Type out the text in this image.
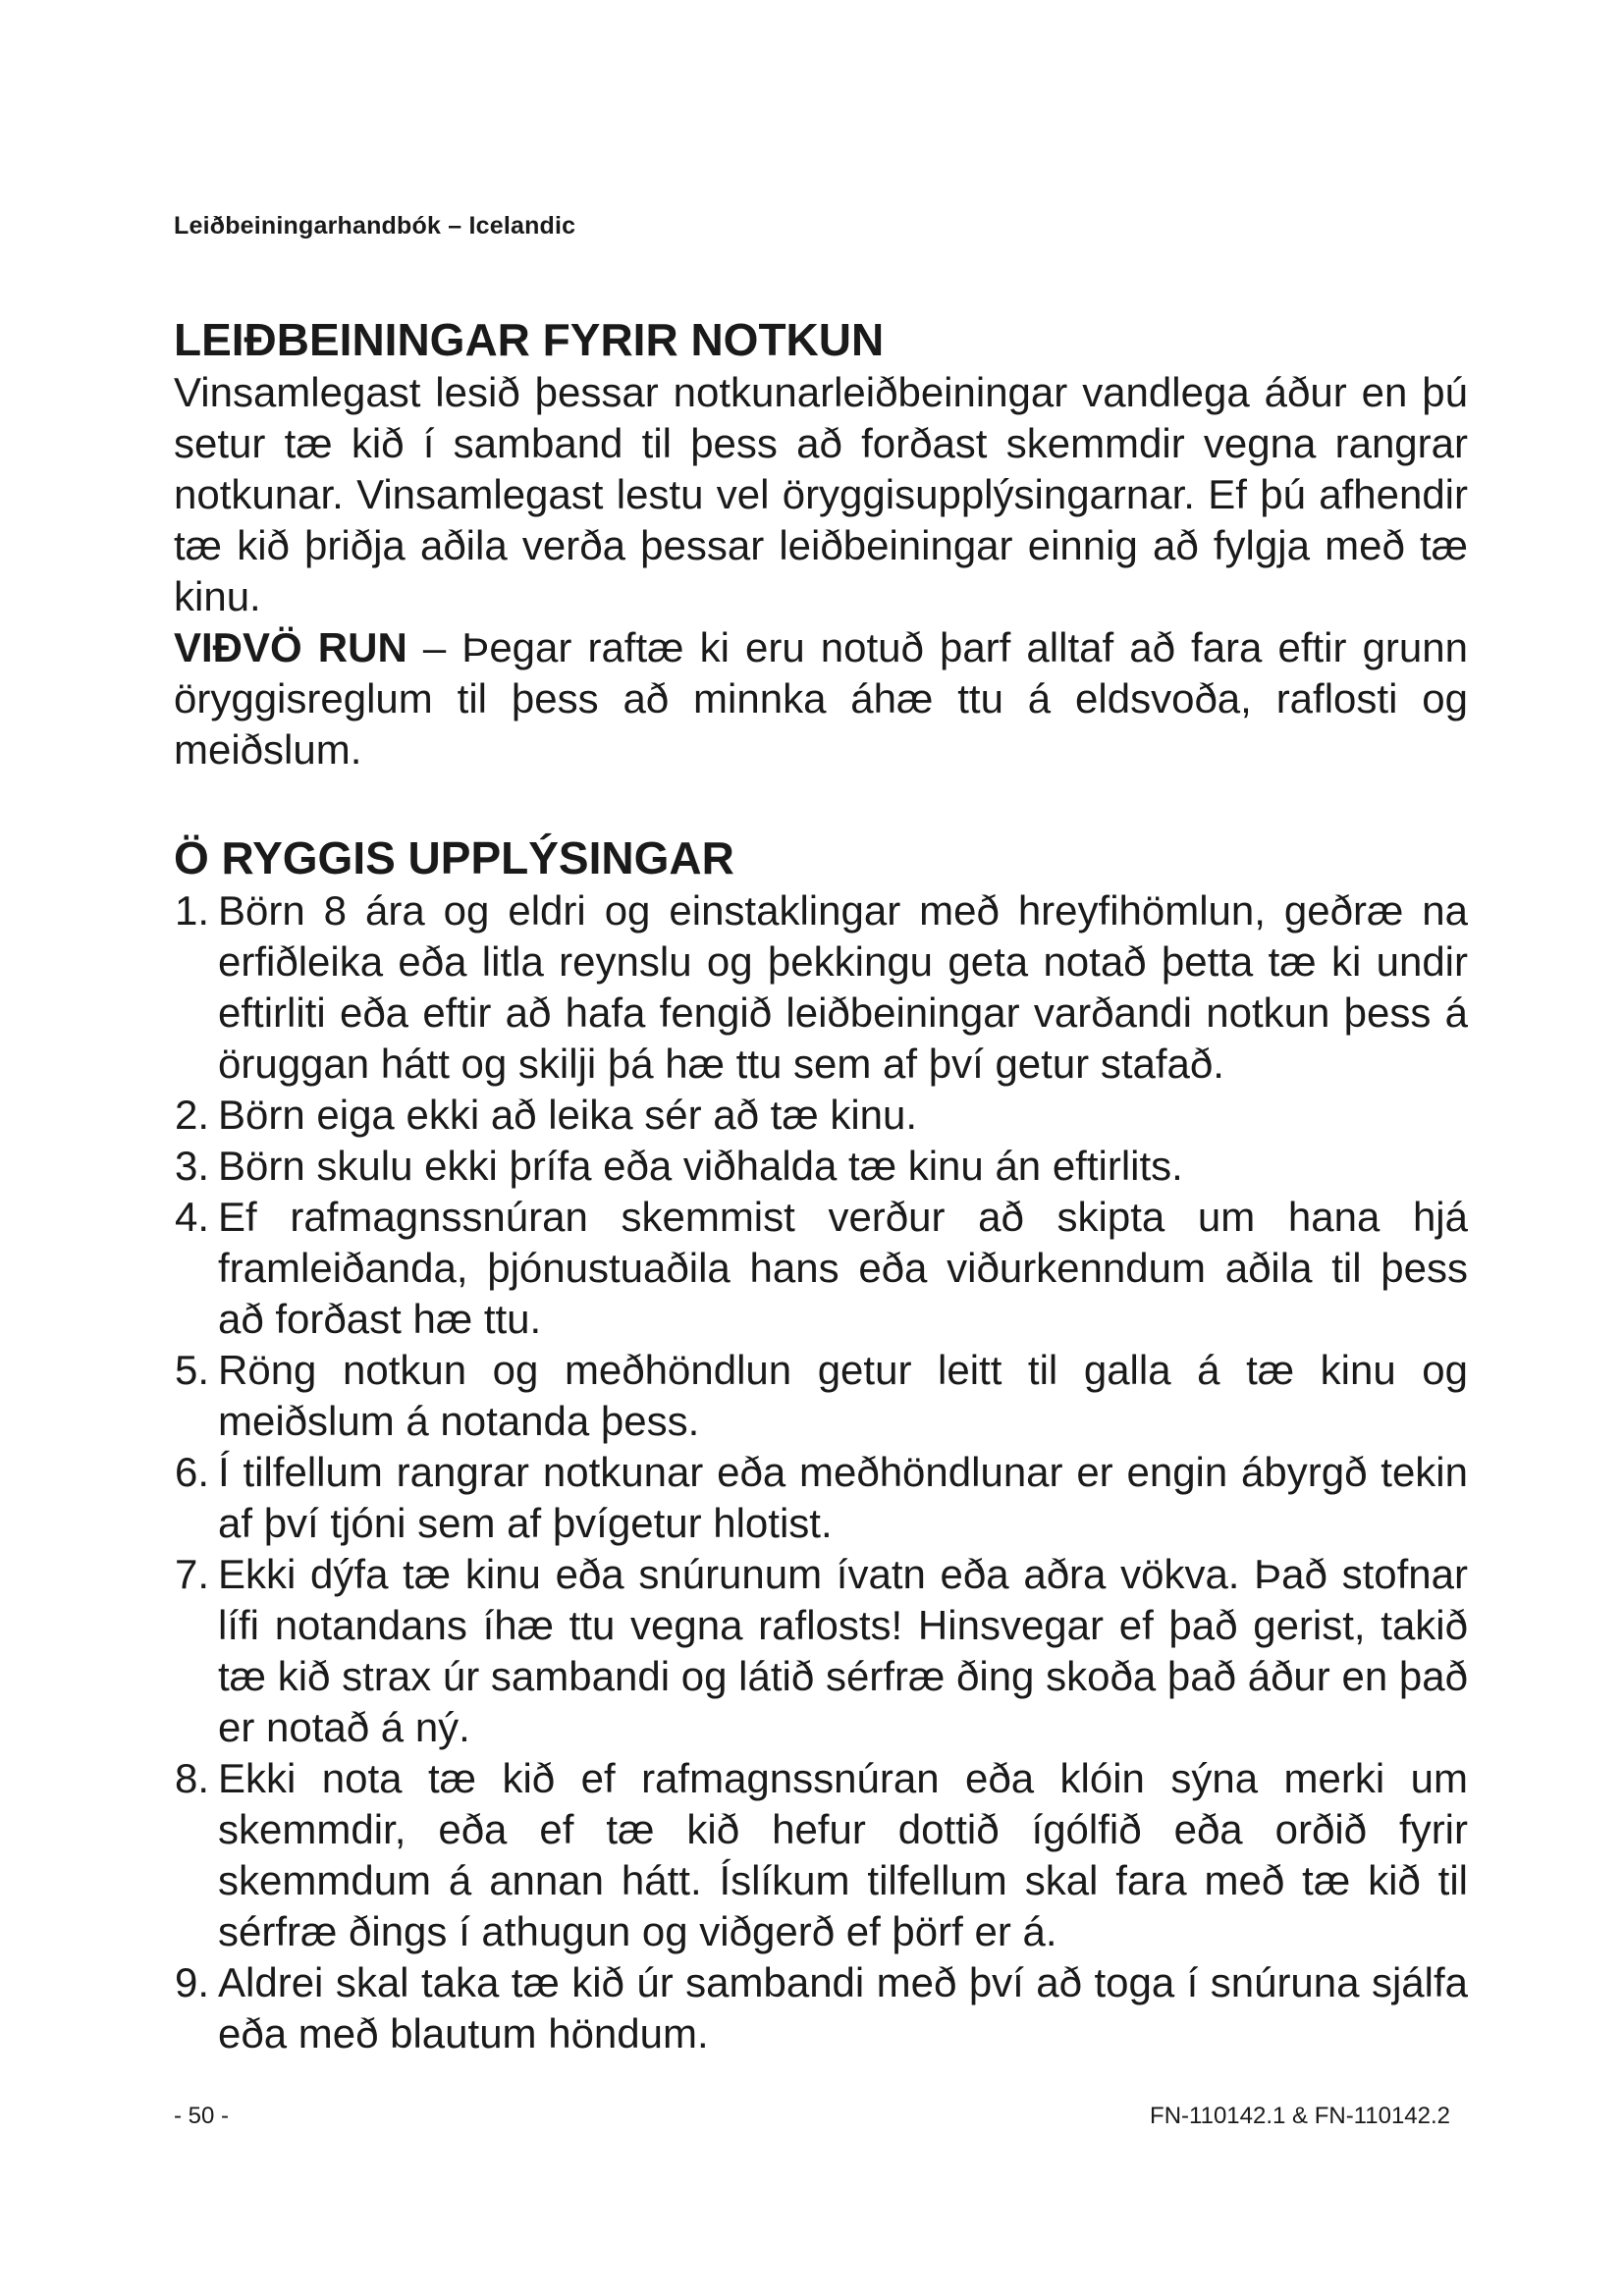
Leiðbeiningarhandbók – Icelandic
LEIÐBEININGAR FYRIR NOTKUN

Vinsamlegast lesið þessar notkunarleiðbeiningar vandlega áður en þú setur tæ kið í samband til þess að forðast skemmdir vegna rangrar notkunar. Vinsamlegast lestu vel öryggisupplýsingarnar. Ef þú afhendir tæ kið þriðja aðila verða þessar leiðbeiningar einnig að fylgja með tæ kinu.

VIÐVÖ RUN – Þegar raftæ ki eru notuð þarf alltaf að fara eftir grunn öryggisreglum til þess að minnka áhæ ttu á eldsvoða, raflosti og meiðslum.

Ö RYGGIS UPPLÝSINGAR
1. Börn 8 ára og eldri og einstaklingar með hreyfihömlun, geðræ na erfiðleika eða litla reynslu og þekkingu geta notað þetta tæ ki undir eftirliti eða eftir að hafa fengið leiðbeiningar varðandi notkun þess á öruggan hátt og skilji þá hæ ttu sem af því getur stafað.
2. Börn eiga ekki að leika sér að tæ kinu.
3. Börn skulu ekki þrífa eða viðhalda tæ kinu án eftirlits.
4. Ef rafmagnssnúran skemmist verður að skipta um hana hjá framleiðanda, þjónustuaðila hans eða viðurkenndum aðila til þess að forðast hæ ttu.
5. Röng notkun og meðhöndlun getur leitt til galla á tæ kinu og meiðslum á notanda þess.
6. Í tilfellum rangrar notkunar eða meðhöndlunar er engin ábyrgð tekin af því tjóni sem af þvígetur hlotist.
7. Ekki dýfa tæ kinu eða snúrunum ívatn eða aðra vökva. Það stofnar lífi notandans íhæ ttu vegna raflosts! Hinsvegar ef það gerist, takið tæ kið strax úr sambandi og látið sérfræ ðing skoða það áður en það er notað á ný.
8. Ekki nota tæ kið ef rafmagnssnúran eða klóin sýna merki um skemmdir, eða ef tæ kið hefur dottið ígólfið eða orðið fyrir skemmdum á annan hátt. Íslíkum tilfellum skal fara með tæ kið til sérfræ ðings í athugun og viðgerð ef þörf er á.
9. Aldrei skal taka tæ kið úr sambandi með því að toga í snúruna sjálfa eða með blautum höndum.
- 50 -	FN-110142.1 & FN-110142.2
